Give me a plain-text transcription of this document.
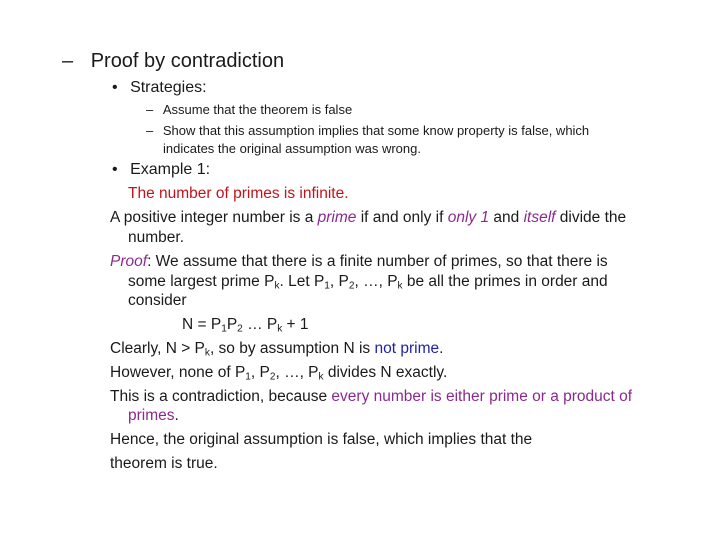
– Proof by contradiction
• Strategies:
– Assume that the theorem is false
– Show that this assumption implies that some know property is false, which
indicates the original assumption was wrong.
• Example 1:
The number of primes is infinite.
A positive integer number is a prime if and only if only 1 and itself divide the
number.
Proof: We assume that there is a finite number of primes, so that there is
some largest prime $P_k$. Let $P_1$, $P_2$, …, $P_k$ be all the primes in order and
consider
$N = P_1P_2$ … $P_k + 1$
Clearly, $N > P_k$, so by assumption N is not prime.
However, none of $P_1$, $P_2$, …, $P_k$ divides N exactly.
This is a contradiction, because every number is either prime or a product of
primes.
Hence, the original assumption is false, which implies that the
theorem is true.
